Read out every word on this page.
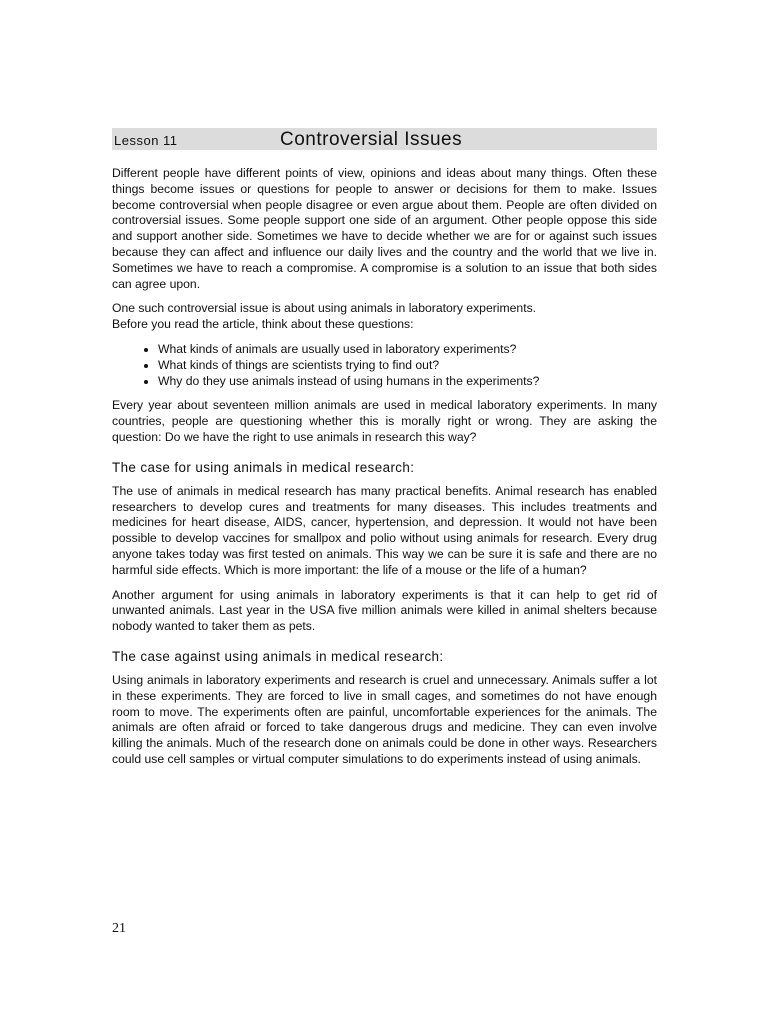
Lesson 11	Controversial Issues

Different people have different points of view, opinions and ideas about many things. Often these things become issues or questions for people to answer or decisions for them to make. Issues become controversial when people disagree or even argue about them. People are often divided on controversial issues. Some people support one side of an argument. Other people oppose this side and support another side. Sometimes we have to decide whether we are for or against such issues because they can affect and influence our daily lives and the country and the world that we live in. Sometimes we have to reach a compromise. A compromise is a solution to an issue that both sides can agree upon.

One such controversial issue is about using animals in laboratory experiments.
Before you read the article, think about these questions:

• What kinds of animals are usually used in laboratory experiments?
• What kinds of things are scientists trying to find out?
• Why do they use animals instead of using humans in the experiments?

Every year about seventeen million animals are used in medical laboratory experiments. In many countries, people are questioning whether this is morally right or wrong. They are asking the question: Do we have the right to use animals in research this way?

The case for using animals in medical research:

The use of animals in medical research has many practical benefits. Animal research has enabled researchers to develop cures and treatments for many diseases. This includes treatments and medicines for heart disease, AIDS, cancer, hypertension, and depression. It would not have been possible to develop vaccines for smallpox and polio without using animals for research. Every drug anyone takes today was first tested on animals. This way we can be sure it is safe and there are no harmful side effects. Which is more important: the life of a mouse or the life of a human?

Another argument for using animals in laboratory experiments is that it can help to get rid of unwanted animals. Last year in the USA five million animals were killed in animal shelters because nobody wanted to taker them as pets.

The case against using animals in medical research:

Using animals in laboratory experiments and research is cruel and unnecessary. Animals suffer a lot in these experiments. They are forced to live in small cages, and sometimes do not have enough room to move. The experiments often are painful, uncomfortable experiences for the animals. The animals are often afraid or forced to take dangerous drugs and medicine. They can even involve killing the animals. Much of the research done on animals could be done in other ways. Researchers could use cell samples or virtual computer simulations to do experiments instead of using animals.

21
